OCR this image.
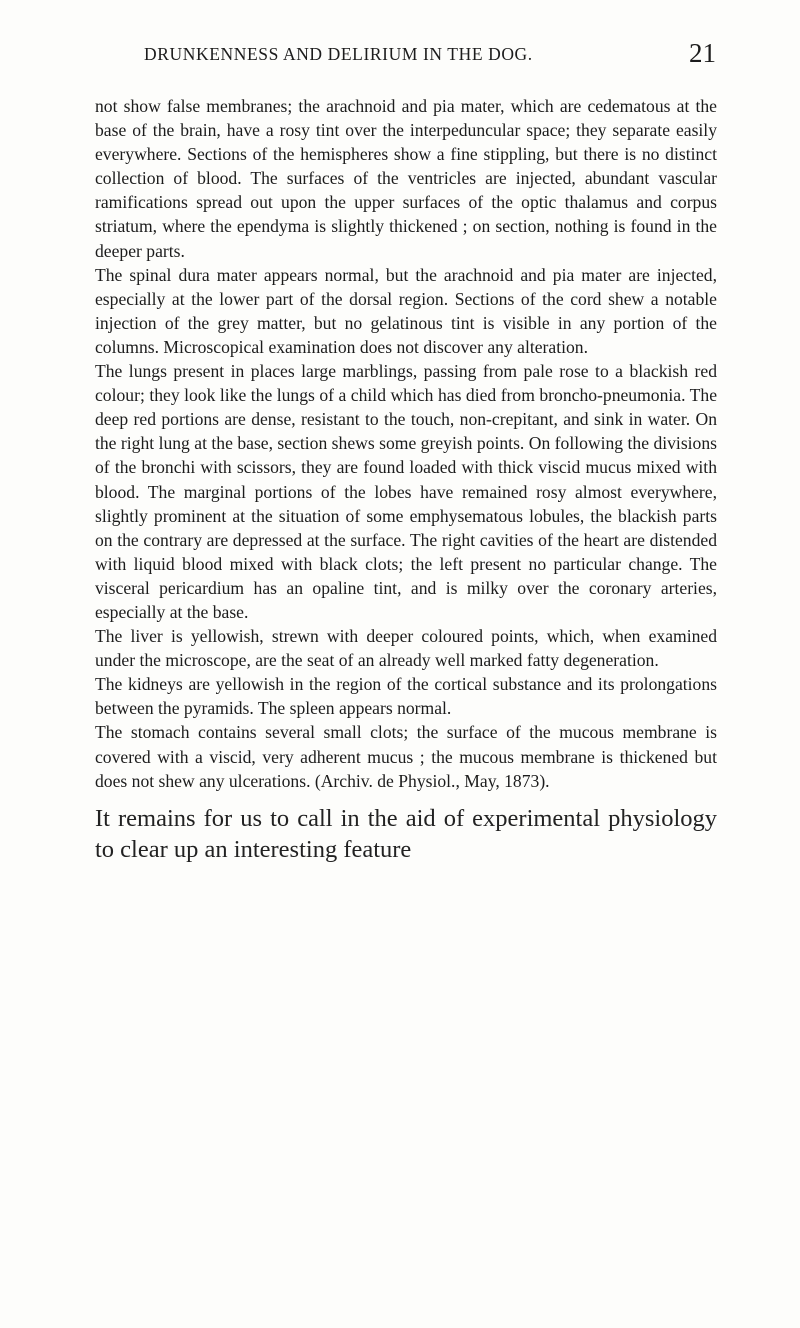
DRUNKENNESS AND DELIRIUM IN THE DOG.	21

not show false membranes; the arachnoid and pia mater, which are cedematous at the base of the brain, have a rosy tint over the interpeduncular space; they separate easily everywhere. Sections of the hemispheres show a fine stippling, but there is no distinct collection of blood. The surfaces of the ventricles are injected, abundant vascular ramifications spread out upon the upper surfaces of the optic thalamus and corpus striatum, where the ependyma is slightly thickened ; on section, nothing is found in the deeper parts.

The spinal dura mater appears normal, but the arachnoid and pia mater are injected, especially at the lower part of the dorsal region. Sections of the cord shew a notable injection of the grey matter, but no gelatinous tint is visible in any portion of the columns. Microscopical examination does not discover any alteration.

The lungs present in places large marblings, passing from pale rose to a blackish red colour; they look like the lungs of a child which has died from broncho-pneumonia. The deep red portions are dense, resistant to the touch, non-crepitant, and sink in water. On the right lung at the base, section shews some greyish points. On following the divisions of the bronchi with scissors, they are found loaded with thick viscid mucus mixed with blood. The marginal portions of the lobes have remained rosy almost everywhere, slightly prominent at the situation of some emphysematous lobules, the blackish parts on the contrary are depressed at the surface. The right cavities of the heart are distended with liquid blood mixed with black clots; the left present no particular change. The visceral pericardium has an opaline tint, and is milky over the coronary arteries, especially at the base.

The liver is yellowish, strewn with deeper coloured points, which, when examined under the microscope, are the seat of an already well marked fatty degeneration.

The kidneys are yellowish in the region of the cortical substance and its prolongations between the pyramids. The spleen appears normal.

The stomach contains several small clots; the surface of the mucous membrane is covered with a viscid, very adherent mucus ; the mucous membrane is thickened but does not shew any ulcerations. (Archiv. de Physiol., May, 1873).

It remains for us to call in the aid of experimental physiology to clear up an interesting feature
